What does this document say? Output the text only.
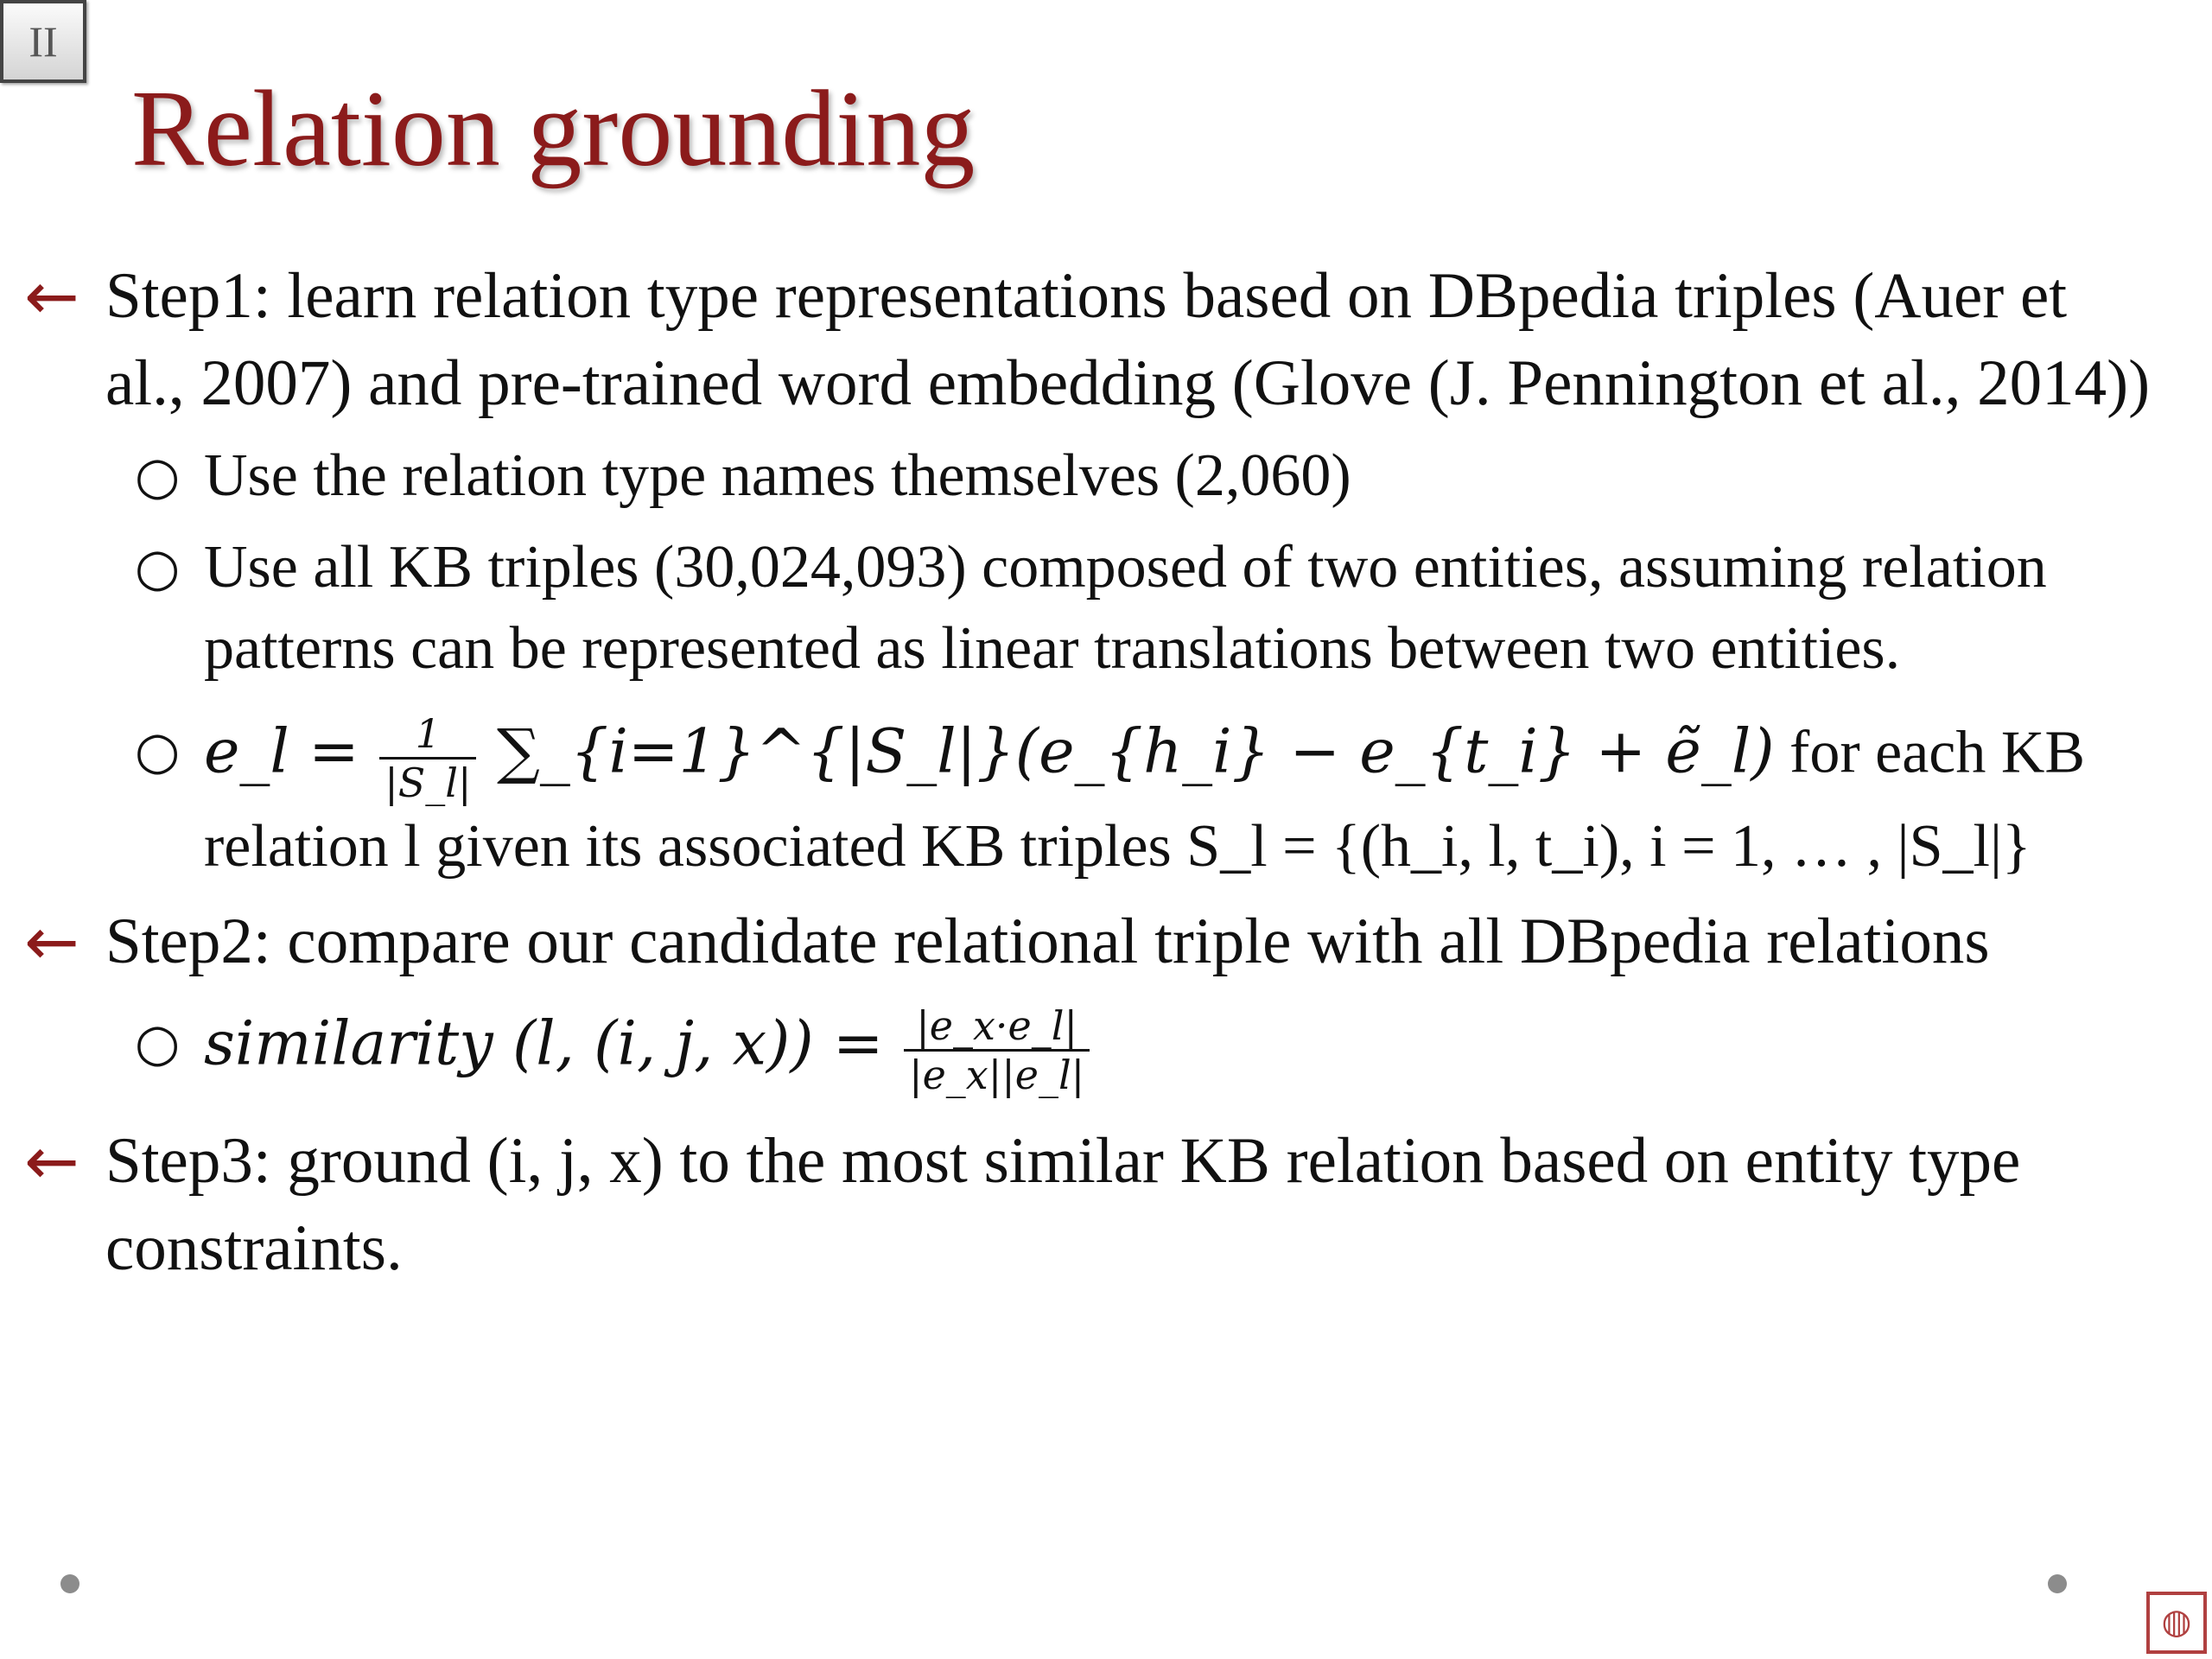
II
Relation grounding
← Step1: learn relation type representations based on DBpedia triples (Auer et al., 2007) and pre-trained word embedding (Glove (J. Pennington et al., 2014))
○ Use the relation type names themselves (2,060)
○ Use all KB triples (30,024,093) composed of two entities, assuming relation patterns can be represented as linear translations between two entities.
○ e_l = $\frac{1}{|S\_l|}$ ∑_{i=1}^{|S_l|}(e_{h_i} − e_{t_i} + ẽ_l) for each KB relation l given its associated KB triples S_l = {(h_i, l, t_i), i = 1, … , |S_l|}
← Step2: compare our candidate relational triple with all DBpedia relations
○ similarity (l, (i, j, $x)) = \frac{|e\_x\cdot e\_l|}{|e\_x||e\_l|}$
← Step3: ground (i, j, x) to the most similar KB relation based on entity type constraints.
◍
